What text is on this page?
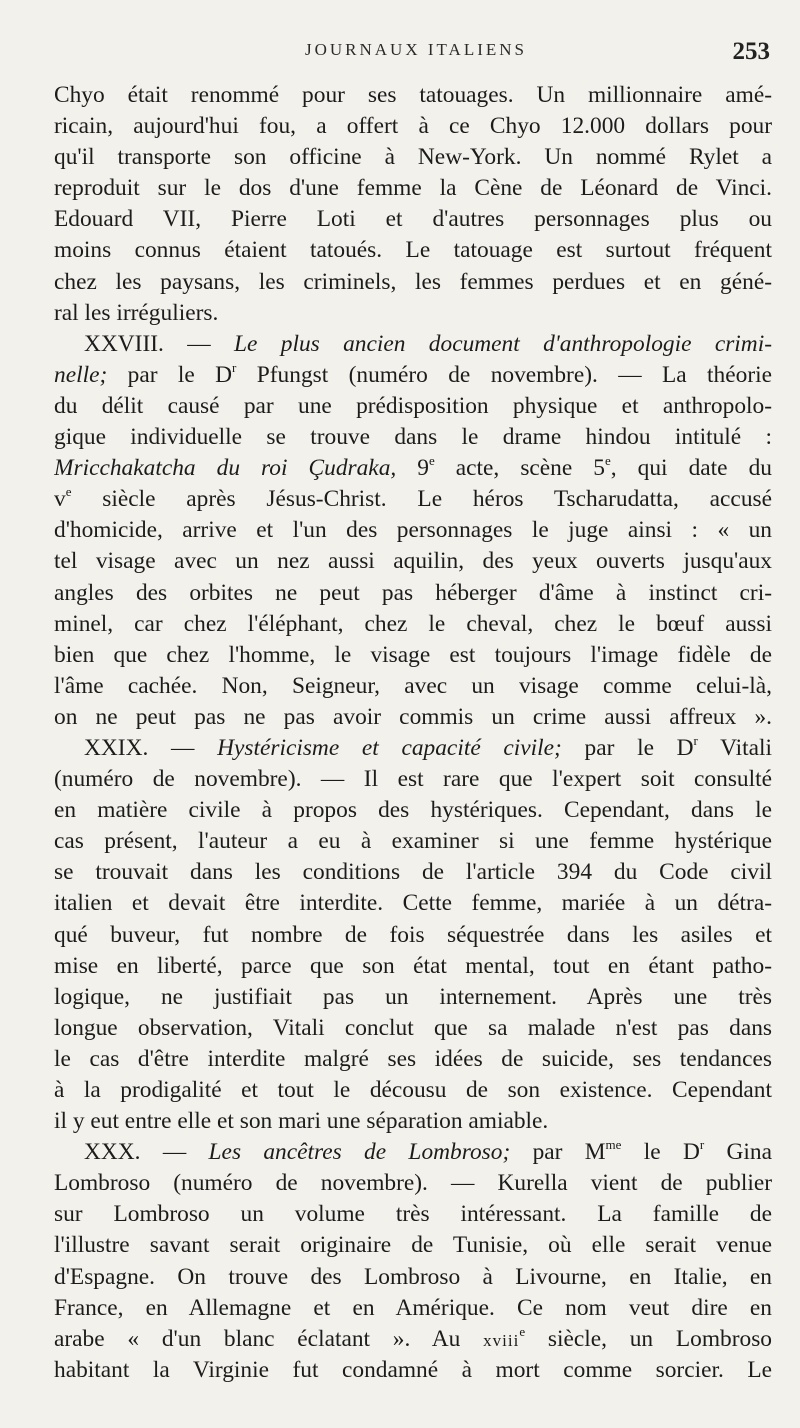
JOURNAUX ITALIENS	253
Chyo était renommé pour ses tatouages. Un millionnaire amé-
ricain, aujourd'hui fou, a offert à ce Chyo 12.000 dollars pour
qu'il transporte son officine à New-York. Un nommé Rylet a
reproduit sur le dos d'une femme la Cène de Léonard de Vinci.
Edouard VII, Pierre Loti et d'autres personnages plus ou
moins connus étaient tatoués. Le tatouage est surtout fréquent
chez les paysans, les criminels, les femmes perdues et en géné-
ral les irréguliers.
XXVIII. — Le plus ancien document d'anthropologie crimi-
nelle; par le $D^r$ Pfungst (numéro de novembre). — La théorie
du délit causé par une prédisposition physique et anthropolo-
gique individuelle se trouve dans le drame hindou intitulé :
Mricchakatcha du roi Çudraka, 9e acte, scène 5e, qui date du
$v^e$ siècle après Jésus-Christ. Le héros Tscharudatta, accusé
d'homicide, arrive et l'un des personnages le juge ainsi : « un
tel visage avec un nez aussi aquilin, des yeux ouverts jusqu'aux
angles des orbites ne peut pas héberger d'âme à instinct cri-
minel, car chez l'éléphant, chez le cheval, chez le bœuf aussi
bien que chez l'homme, le visage est toujours l'image fidèle de
l'âme cachée. Non, Seigneur, avec un visage comme celui-là,
on ne peut pas ne pas avoir commis un crime aussi affreux ».
XXIX. — Hystéricisme et capacité civile; par le $D^r$ Vitali
(numéro de novembre). — Il est rare que l'expert soit consulté
en matière civile à propos des hystériques. Cependant, dans le
cas présent, l'auteur a eu à examiner si une femme hystérique
se trouvait dans les conditions de l'article 394 du Code civil
italien et devait être interdite. Cette femme, mariée à un détra-
qué buveur, fut nombre de fois séquestrée dans les asiles et
mise en liberté, parce que son état mental, tout en étant patho-
logique, ne justifiait pas un internement. Après une très
longue observation, Vitali conclut que sa malade n'est pas dans
le cas d'être interdite malgré ses idées de suicide, ses tendances
à la prodigalité et tout le décousu de son existence. Cependant
il y eut entre elle et son mari une séparation amiable.
XXX. — Les ancêtres de Lombroso; par $M^{me}$ le $D^r$ Gina
Lombroso (numéro de novembre). — Kurella vient de publier
sur Lombroso un volume très intéressant. La famille de
l'illustre savant serait originaire de Tunisie, où elle serait venue
d'Espagne. On trouve des Lombroso à Livourne, en Italie, en
France, en Allemagne et en Amérique. Ce nom veut dire en
arabe « d'un blanc éclatant ». Au xviii$^e$ siècle, un Lombroso
habitant la Virginie fut condamné à mort comme sorcier. Le
